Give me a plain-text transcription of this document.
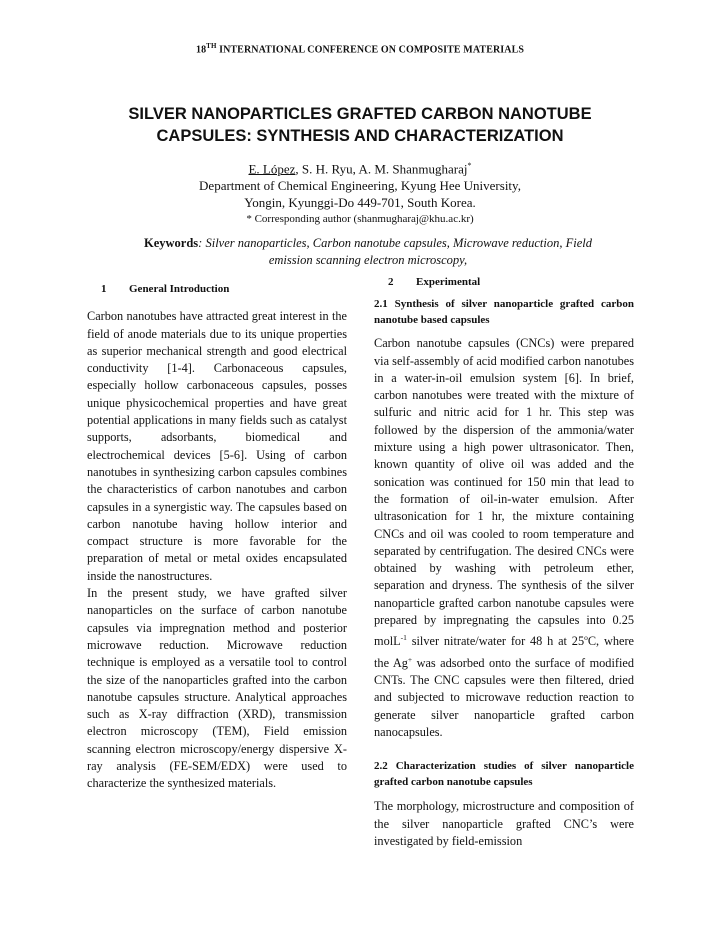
18TH INTERNATIONAL CONFERENCE ON COMPOSITE MATERIALS
SILVER NANOPARTICLES GRAFTED CARBON NANOTUBE
CAPSULES: SYNTHESIS AND CHARACTERIZATION
E. López, S. H. Ryu, A. M. Shanmugharaj*
Department of Chemical Engineering, Kyung Hee University,
Yongin, Kyunggi-Do 449-701, South Korea.
* Corresponding author (shanmugharaj@khu.ac.kr)
Keywords: Silver nanoparticles, Carbon nanotube capsules, Microwave reduction, Field emission scanning electron microscopy,
1 General Introduction

Carbon nanotubes have attracted great interest in the field of anode materials due to its unique properties as superior mechanical strength and good electrical conductivity [1-4]. Carbonaceous capsules, especially hollow carbonaceous capsules, posses unique physicochemical properties and have great potential applications in many fields such as catalyst supports, adsorbants, biomedical and electrochemical devices [5-6]. Using of carbon nanotubes in synthesizing carbon capsules combines the characteristics of carbon nanotubes and carbon capsules in a synergistic way. The capsules based on carbon nanotube having hollow interior and compact structure is more favorable for the preparation of metal or metal oxides encapsulated inside the nanostructures.

In the present study, we have grafted silver nanoparticles on the surface of carbon nanotube capsules via impregnation method and posterior microwave reduction. Microwave reduction technique is employed as a versatile tool to control the size of the nanoparticles grafted into the carbon nanotube capsules structure. Analytical approaches such as X-ray diffraction (XRD), transmission electron microscopy (TEM), Field emission scanning electron microscopy/energy dispersive X-ray analysis (FE-SEM/EDX) were used to characterize the synthesized materials.

2 Experimental
2.1 Synthesis of silver nanoparticle grafted carbon nanotube based capsules

Carbon nanotube capsules (CNCs) were prepared via self-assembly of acid modified carbon nanotubes in a water-in-oil emulsion system [6]. In brief, carbon nanotubes were treated with the mixture of sulfuric and nitric acid for 1 hr. This step was followed by the dispersion of the ammonia/water mixture using a high power ultrasonicator. Then, known quantity of olive oil was added and the sonication was continued for 150 min that lead to the formation of oil-in-water emulsion. After ultrasonication for 1 hr, the mixture containing CNCs and oil was cooled to room temperature and separated by centrifugation. The desired CNCs were obtained by washing with petroleum ether, separation and dryness. The synthesis of the silver nanoparticle grafted carbon nanotube capsules were prepared by impregnating the capsules into 0.25 molL$^{-1}$ silver nitrate/water for 48 h at 25$^o$C, where the Ag+ was adsorbed onto the surface of modified CNTs. The CNC capsules were then filtered, dried and subjected to microwave reduction reaction to generate silver nanoparticle grafted carbon nanocapsules.

2.2 Characterization studies of silver nanoparticle grafted carbon nanotube capsules

The morphology, microstructure and composition of the silver nanoparticle grafted CNC’s were investigated by field-emission
